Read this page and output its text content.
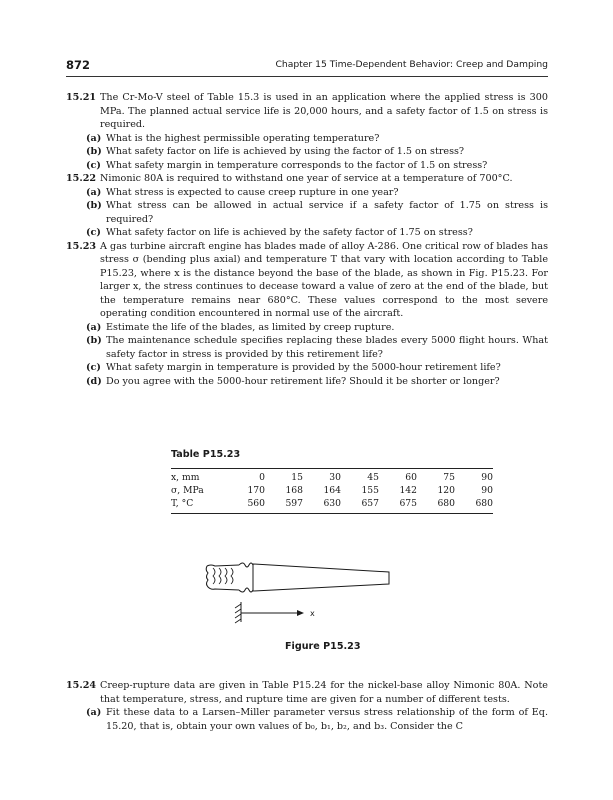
872	Chapter 15 Time-Dependent Behavior: Creep and Damping
15.21 The Cr-Mo-V steel of Table 15.3 is used in an application where the applied stress is 300 MPa. The planned actual service life is 20,000 hours, and a safety factor of 1.5 on stress is required.
(a) What is the highest permissible operating temperature?
(b) What safety factor on life is achieved by using the factor of 1.5 on stress?
(c) What safety margin in temperature corresponds to the factor of 1.5 on stress?
15.22 Nimonic 80A is required to withstand one year of service at a temperature of 700°C.
(a) What stress is expected to cause creep rupture in one year?
(b) What stress can be allowed in actual service if a safety factor of 1.75 on stress is required?
(c) What safety factor on life is achieved by the safety factor of 1.75 on stress?
15.23 A gas turbine aircraft engine has blades made of alloy A-286. One critical row of blades has stress σ (bending plus axial) and temperature T that vary with location according to Table P15.23, where x is the distance beyond the base of the blade, as shown in Fig. P15.23. For larger x, the stress continues to decease toward a value of zero at the end of the blade, but the temperature remains near 680°C. These values correspond to the most severe operating condition encountered in normal use of the aircraft.
(a) Estimate the life of the blades, as limited by creep rupture.
(b) The maintenance schedule specifies replacing these blades every 5000 flight hours. What safety factor in stress is provided by this retirement life?
(c) What safety margin in temperature is provided by the 5000-hour retirement life?
(d) Do you agree with the 5000-hour retirement life? Should it be shorter or longer?
Table P15.23
x, mm	0	15	30	45	60	75	90
σ, MPa	170	168	164	155	142	120	90
T, °C	560	597	630	657	675	680	680
x
Figure P15.23
15.24 Creep-rupture data are given in Table P15.24 for the nickel-base alloy Nimonic 80A. Note that temperature, stress, and rupture time are given for a number of different tests.
(a) Fit these data to a Larsen–Miller parameter versus stress relationship of the form of Eq. 15.20, that is, obtain your own values of b₀, b₁, b₂, and b₃. Consider the C
